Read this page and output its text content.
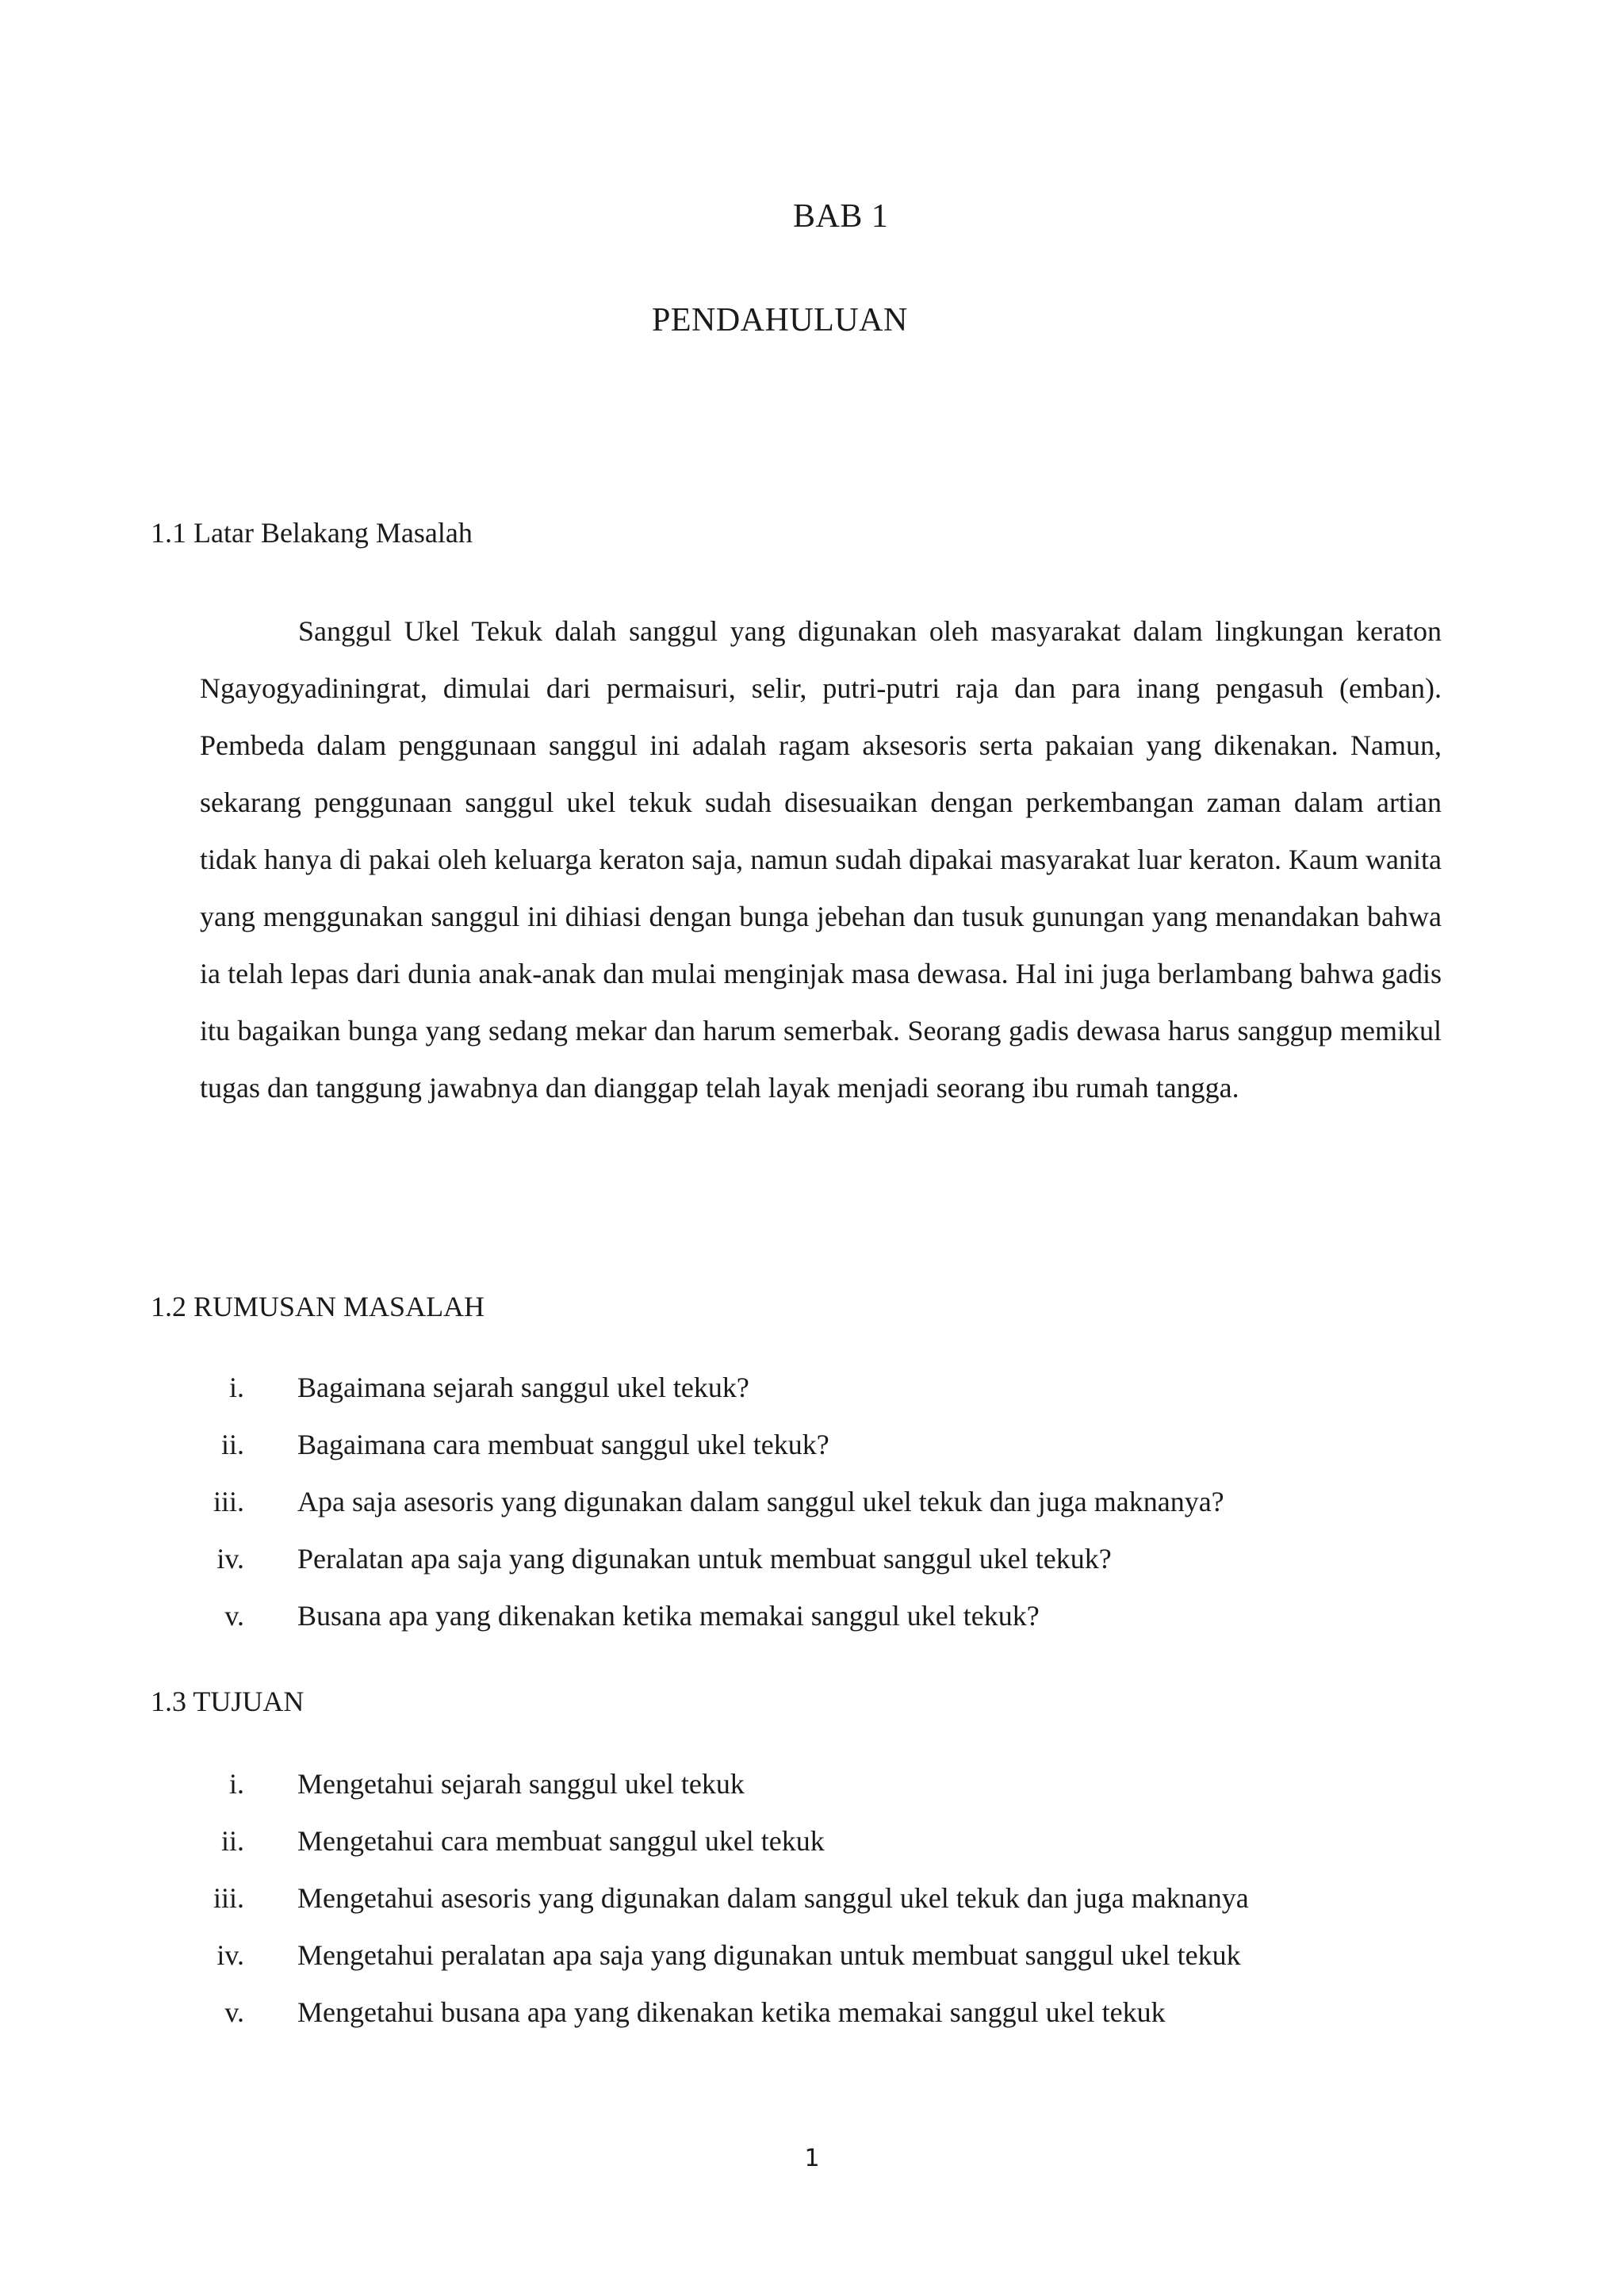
BAB 1
PENDAHULUAN
1.1 Latar Belakang Masalah

Sanggul Ukel Tekuk dalah sanggul yang digunakan oleh masyarakat dalam lingkungan keraton Ngayogyadiningrat, dimulai dari permaisuri, selir, putri-putri raja dan para inang pengasuh (emban). Pembeda dalam penggunaan sanggul ini adalah ragam aksesoris serta pakaian yang dikenakan. Namun, sekarang penggunaan sanggul ukel tekuk sudah disesuaikan dengan perkembangan zaman dalam artian tidak hanya di pakai oleh keluarga keraton saja, namun sudah dipakai masyarakat luar keraton. Kaum wanita yang menggunakan sanggul ini dihiasi dengan bunga jebehan dan tusuk gunungan yang menandakan bahwa ia telah lepas dari dunia anak-anak dan mulai menginjak masa dewasa. Hal ini juga berlambang bahwa gadis itu bagaikan bunga yang sedang mekar dan harum semerbak. Seorang gadis dewasa harus sanggup memikul tugas dan tanggung jawabnya dan dianggap telah layak menjadi seorang ibu rumah tangga.

1.2 RUMUSAN MASALAH
i. Bagaimana sejarah sanggul ukel tekuk?
ii. Bagaimana cara membuat sanggul ukel tekuk?
iii. Apa saja asesoris yang digunakan dalam sanggul ukel tekuk dan juga maknanya?
iv. Peralatan apa saja yang digunakan untuk membuat sanggul ukel tekuk?
v. Busana apa yang dikenakan ketika memakai sanggul ukel tekuk?
1.3 TUJUAN
i. Mengetahui sejarah sanggul ukel tekuk
ii. Mengetahui cara membuat sanggul ukel tekuk
iii. Mengetahui asesoris yang digunakan dalam sanggul ukel tekuk dan juga maknanya
iv. Mengetahui peralatan apa saja yang digunakan untuk membuat sanggul ukel tekuk
v. Mengetahui busana apa yang dikenakan ketika memakai sanggul ukel tekuk
1
